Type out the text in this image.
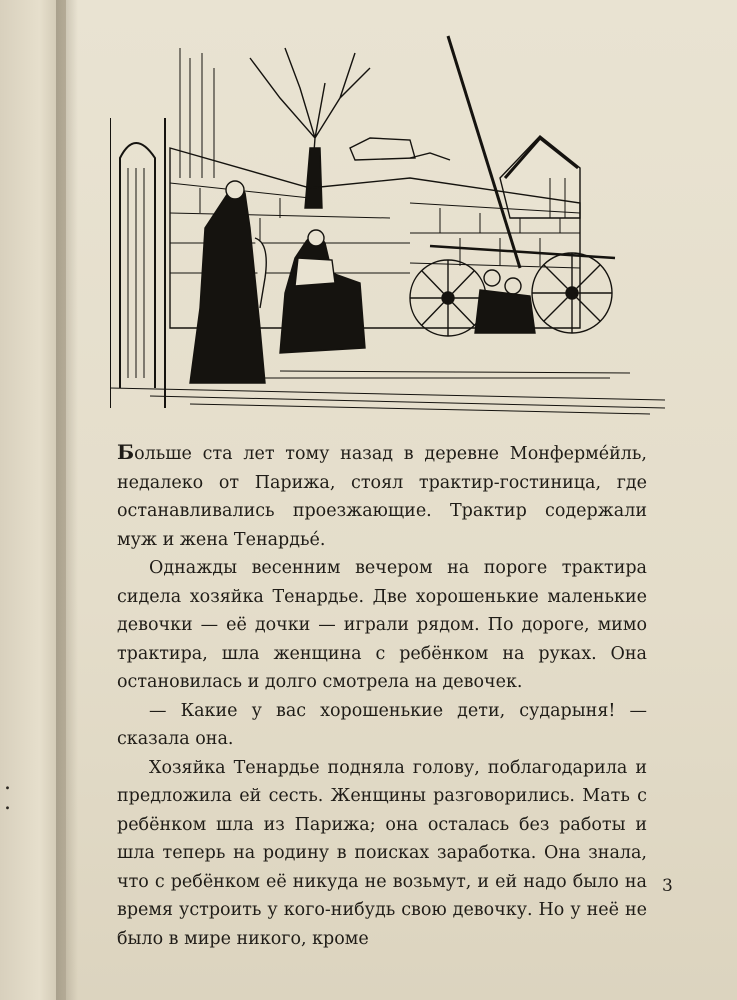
.
.

Больше ста лет тому назад в деревне Монферме́йль, недалеко от Парижа, стоял трактир-гостиница, где останавливались проезжающие. Трактир содержали муж и жена Тенардье́.

Однажды весенним вечером на пороге трактира сидела хозяйка Тенардье. Две хорошенькие маленькие девочки — её дочки — играли рядом. По дороге, мимо трактира, шла женщина с ребёнком на руках. Она остановилась и долго смотрела на девочек.

— Какие у вас хорошенькие дети, сударыня! — сказала она.

Хозяйка Тенардье подняла голову, поблагодарила и предложила ей сесть. Женщины разговорились. Мать с ребёнком шла из Парижа; она осталась без работы и шла теперь на родину в поисках заработка. Она знала, что с ребёнком её никуда не возьмут, и ей надо было на время устроить у кого-нибудь свою девочку. Но у неё не было в мире никого, кроме

3
